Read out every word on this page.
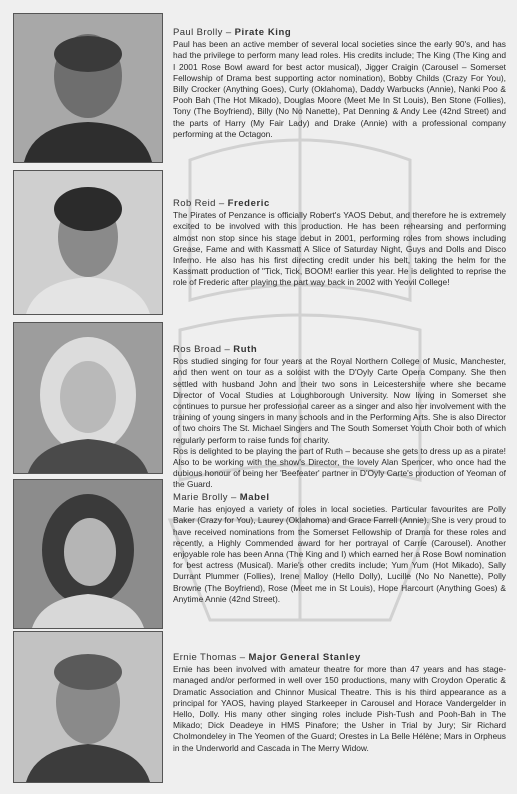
Paul Brolly – Pirate King

Paul has been an active member of several local societies since the early 90's, and has had the privilege to perform many lead roles. His credits include; The King (The King and I 2001 Rose Bowl award for best actor musical), Jigger Craigin (Carousel – Somerset Fellowship of Drama best supporting actor nomination), Bobby Childs (Crazy For You), Billy Crocker (Anything Goes), Curly (Oklahoma), Daddy Warbucks (Annie), Nanki Poo & Pooh Bah (The Hot Mikado), Douglas Moore (Meet Me In St Louis), Ben Stone (Follies), Tony (The Boyfriend), Billy (No No Nanette), Pat Denning & Andy Lee (42nd Street) and the parts of Harry (My Fair Lady) and Drake (Annie) with a professional company performing at the Octagon.

Rob Reid – Frederic

The Pirates of Penzance is officially Robert's YAOS Debut, and therefore he is extremely excited to be involved with this production. He has been rehearsing and performing almost non stop since his stage debut in 2001, performing roles from shows including Grease, Fame and with Kassmatt A Slice of Saturday Night, Guys and Dolls and Disco Inferno. He also has his first directing credit under his belt, taking the helm for the Kassmatt production of "Tick, Tick, BOOM! earlier this year. He is delighted to reprise the role of Frederic after playing the part way back in 2002 with Yeovil College!

Ros Broad – Ruth

Ros studied singing for four years at the Royal Northern College of Music, Manchester, and then went on tour as a soloist with the D'Oyly Carte Opera Company. She then settled with husband John and their two sons in Leicestershire where she became Director of Vocal Studies at Loughborough University. Now living in Somerset she continues to pursue her professional career as a singer and also her involvement with the training of young singers in many schools and in the Performing Arts. She is also Director of two choirs The St. Michael Singers and The South Somerset Youth Choir both of which regularly perform to raise funds for charity.

Ros is delighted to be playing the part of Ruth – because she gets to dress up as a pirate! Also to be working with the show's Director, the lovely Alan Spencer, who once had the dubious honour of being her 'Beefeater' partner in D'Oyly Carte's production of Yeoman of the Guard.

Marie Brolly – Mabel

Marie has enjoyed a variety of roles in local societies. Particular favourites are Polly Baker (Crazy for You), Laurey (Oklahoma) and Grace Farrell (Annie). She is very proud to have received nominations from the Somerset Fellowship of Drama for these roles and recently, a Highly Commended award for her portrayal of Carrie (Carousel). Another enjoyable role has been Anna (The King and I) which earned her a Rose Bowl nomination for best actress (Musical). Marie's other credits include; Yum Yum (Hot Mikado), Sally Durrant Plummer (Follies), Irene Malloy (Hello Dolly), Lucille (No No Nanette), Polly Browne (The Boyfriend), Rose (Meet me in St Louis), Hope Harcourt (Anything Goes) & Anytime Annie (42nd Street).

Ernie Thomas – Major General Stanley

Ernie has been involved with amateur theatre for more than 47 years and has stage-managed and/or performed in well over 150 productions, many with Croydon Operatic & Dramatic Association and Chinnor Musical Theatre. This is his third appearance as a principal for YAOS, having played Starkeeper in Carousel and Horace Vandergelder in Hello, Dolly. His many other singing roles include Pish-Tush and Pooh-Bah in The Mikado; Dick Deadeye in HMS Pinafore; the Usher in Trial by Jury; Sir Richard Cholmondeley in The Yeomen of the Guard; Orestes in La Belle Hélène; Mars in Orpheus in the Underworld and Cascada in The Merry Widow.
